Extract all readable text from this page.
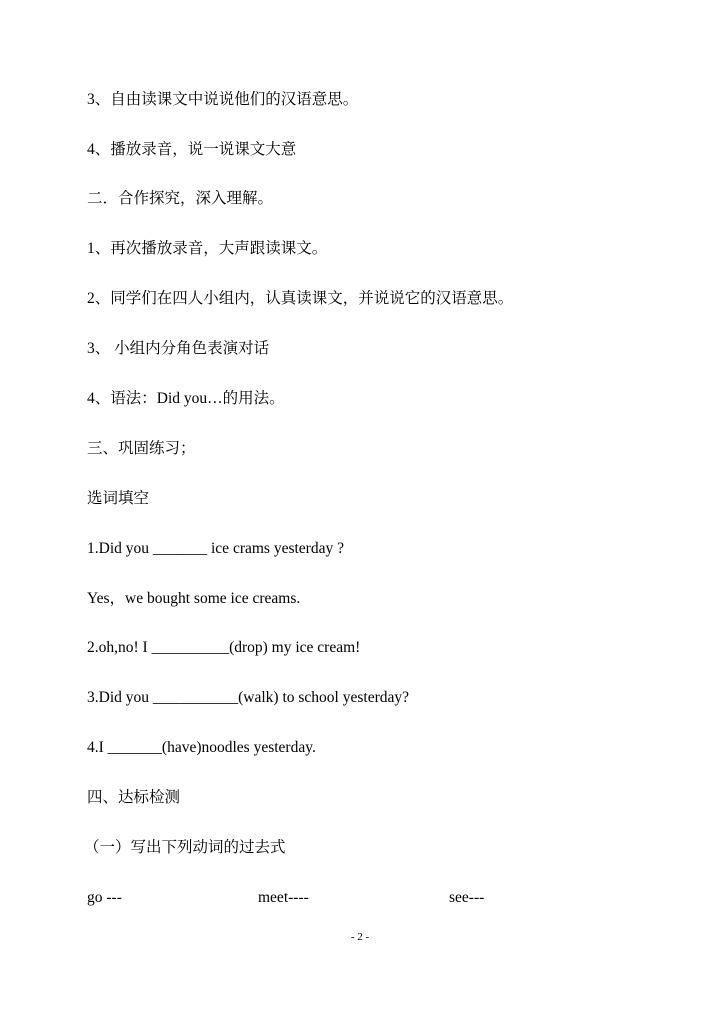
3、自由读课文中说说他们的汉语意思。
4、播放录音，说一说课文大意
二．合作探究，深入理解。
1、再次播放录音，大声跟读课文。
2、同学们在四人小组内，认真读课文，并说说它的汉语意思。
3、 小组内分角色表演对话
4、语法：Did you…的用法。
三、巩固练习；
选词填空
1.Did you _______ ice crams yesterday ?
Yes，we bought some ice creams.
2.oh,no! I __________(drop) my ice cream!
3.Did you ___________(walk) to school yesterday?
4.I _______(have)noodles yesterday.
四、达标检测
（一）写出下列动词的过去式
go ---	meet----	see---
- 2 -
